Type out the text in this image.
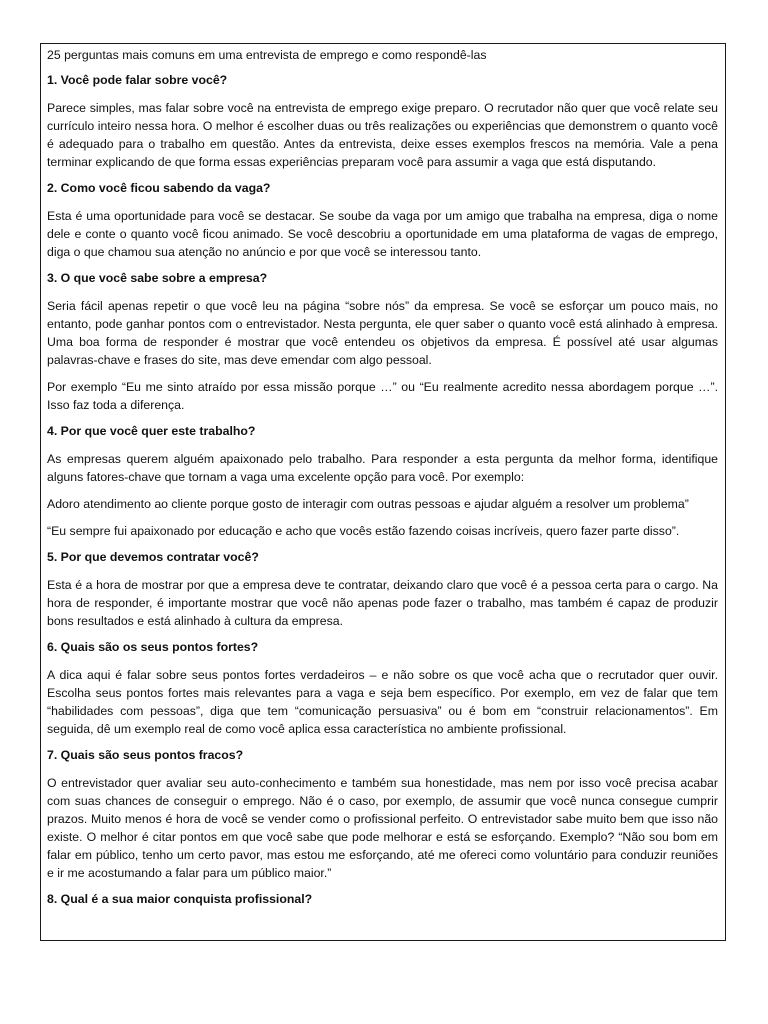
25 perguntas mais comuns em uma entrevista de emprego e como respondê-las
1. Você pode falar sobre você?
Parece simples, mas falar sobre você na entrevista de emprego exige preparo. O recrutador não quer que você relate seu currículo inteiro nessa hora. O melhor é escolher duas ou três realizações ou experiências que demonstrem o quanto você é adequado para o trabalho em questão. Antes da entrevista, deixe esses exemplos frescos na memória. Vale a pena terminar explicando de que forma essas experiências preparam você para assumir a vaga que está disputando.
2. Como você ficou sabendo da vaga?
Esta é uma oportunidade para você se destacar. Se soube da vaga por um amigo que trabalha na empresa, diga o nome dele e conte o quanto você ficou animado. Se você descobriu a oportunidade em uma plataforma de vagas de emprego, diga o que chamou sua atenção no anúncio e por que você se interessou tanto.
3. O que você sabe sobre a empresa?
Seria fácil apenas repetir o que você leu na página “sobre nós” da empresa. Se você se esforçar um pouco mais, no entanto, pode ganhar pontos com o entrevistador. Nesta pergunta, ele quer saber o quanto você está alinhado à empresa. Uma boa forma de responder é mostrar que você entendeu os objetivos da empresa. É possível até usar algumas palavras-chave e frases do site, mas deve emendar com algo pessoal.
Por exemplo “Eu me sinto atraído por essa missão porque …” ou “Eu realmente acredito nessa abordagem porque …”. Isso faz toda a diferença.
4. Por que você quer este trabalho?
As empresas querem alguém apaixonado pelo trabalho. Para responder a esta pergunta da melhor forma, identifique alguns fatores-chave que tornam a vaga uma excelente opção para você. Por exemplo:
Adoro atendimento ao cliente porque gosto de interagir com outras pessoas e ajudar alguém a resolver um problema”
“Eu sempre fui apaixonado por educação e acho que vocês estão fazendo coisas incríveis, quero fazer parte disso”.
5. Por que devemos contratar você?
Esta é a hora de mostrar por que a empresa deve te contratar, deixando claro que você é a pessoa certa para o cargo. Na hora de responder, é importante mostrar que você não apenas pode fazer o trabalho, mas também é capaz de produzir bons resultados e está alinhado à cultura da empresa.
6. Quais são os seus pontos fortes?
A dica aqui é falar sobre seus pontos fortes verdadeiros – e não sobre os que você acha que o recrutador quer ouvir. Escolha seus pontos fortes mais relevantes para a vaga e seja bem específico. Por exemplo, em vez de falar que tem “habilidades com pessoas”, diga que tem “comunicação persuasiva” ou é bom em “construir relacionamentos”. Em seguida, dê um exemplo real de como você aplica essa característica no ambiente profissional.
7. Quais são seus pontos fracos?
O entrevistador quer avaliar seu auto-conhecimento e também sua honestidade, mas nem por isso você precisa acabar com suas chances de conseguir o emprego. Não é o caso, por exemplo, de assumir que você nunca consegue cumprir prazos. Muito menos é hora de você se vender como o profissional perfeito. O entrevistador sabe muito bem que isso não existe. O melhor é citar pontos em que você sabe que pode melhorar e está se esforçando. Exemplo? “Não sou bom em falar em público, tenho um certo pavor, mas estou me esforçando, até me ofereci como voluntário para conduzir reuniões e ir me acostumando a falar para um público maior.”
8. Qual é a sua maior conquista profissional?
